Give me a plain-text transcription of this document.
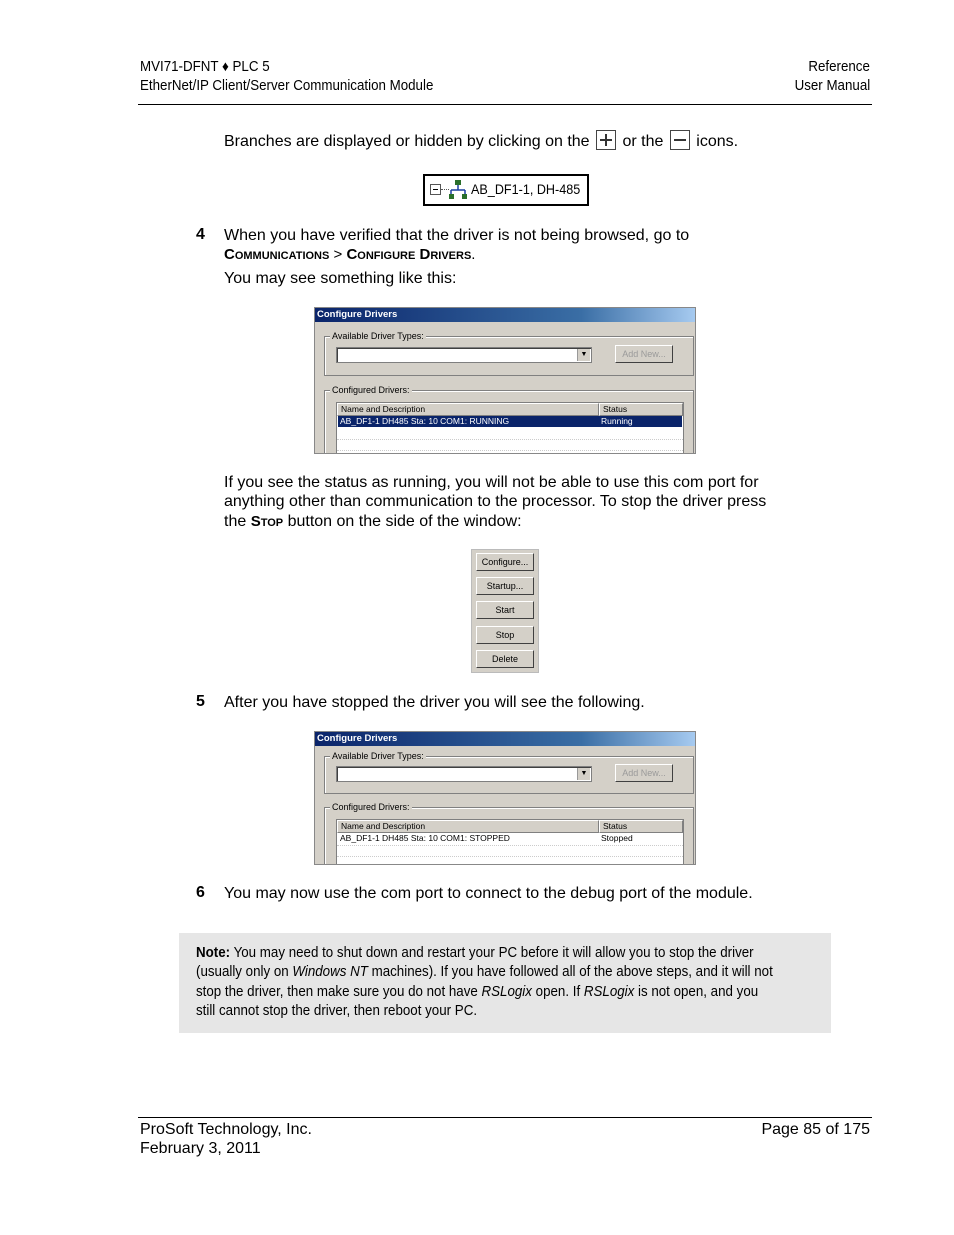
MVI71-DFNT ♦ PLC 5
EtherNet/IP Client/Server Communication Module
Reference
User Manual
Branches are displayed or hidden by clicking on the or the icons.
AB_DF1-1, DH-485
4 When you have verified that the driver is not being browsed, go to
Communications > Configure Drivers.
You may see something like this:
Configure Drivers
Available Driver Types:
▼	Add New...
Configured Drivers:
Name and Description	Status
AB_DF1-1 DH485 Sta: 10 COM1: RUNNING	Running
If you see the status as running, you will not be able to use this com port for
anything other than communication to the processor. To stop the driver press
the Stop button on the side of the window:
Configure...
Startup...
Start
Stop
Delete
5 After you have stopped the driver you will see the following.
Configure Drivers
Available Driver Types:
▼	Add New...
Configured Drivers:
Name and Description	Status
AB_DF1-1 DH485 Sta: 10 COM1: STOPPED	Stopped
6 You may now use the com port to connect to the debug port of the module.
Note: You may need to shut down and restart your PC before it will allow you to stop the driver
(usually only on Windows NT machines). If you have followed all of the above steps, and it will not
stop the driver, then make sure you do not have RSLogix open. If RSLogix is not open, and you
still cannot stop the driver, then reboot your PC.
ProSoft Technology, Inc.
February 3, 2011
Page 85 of 175
